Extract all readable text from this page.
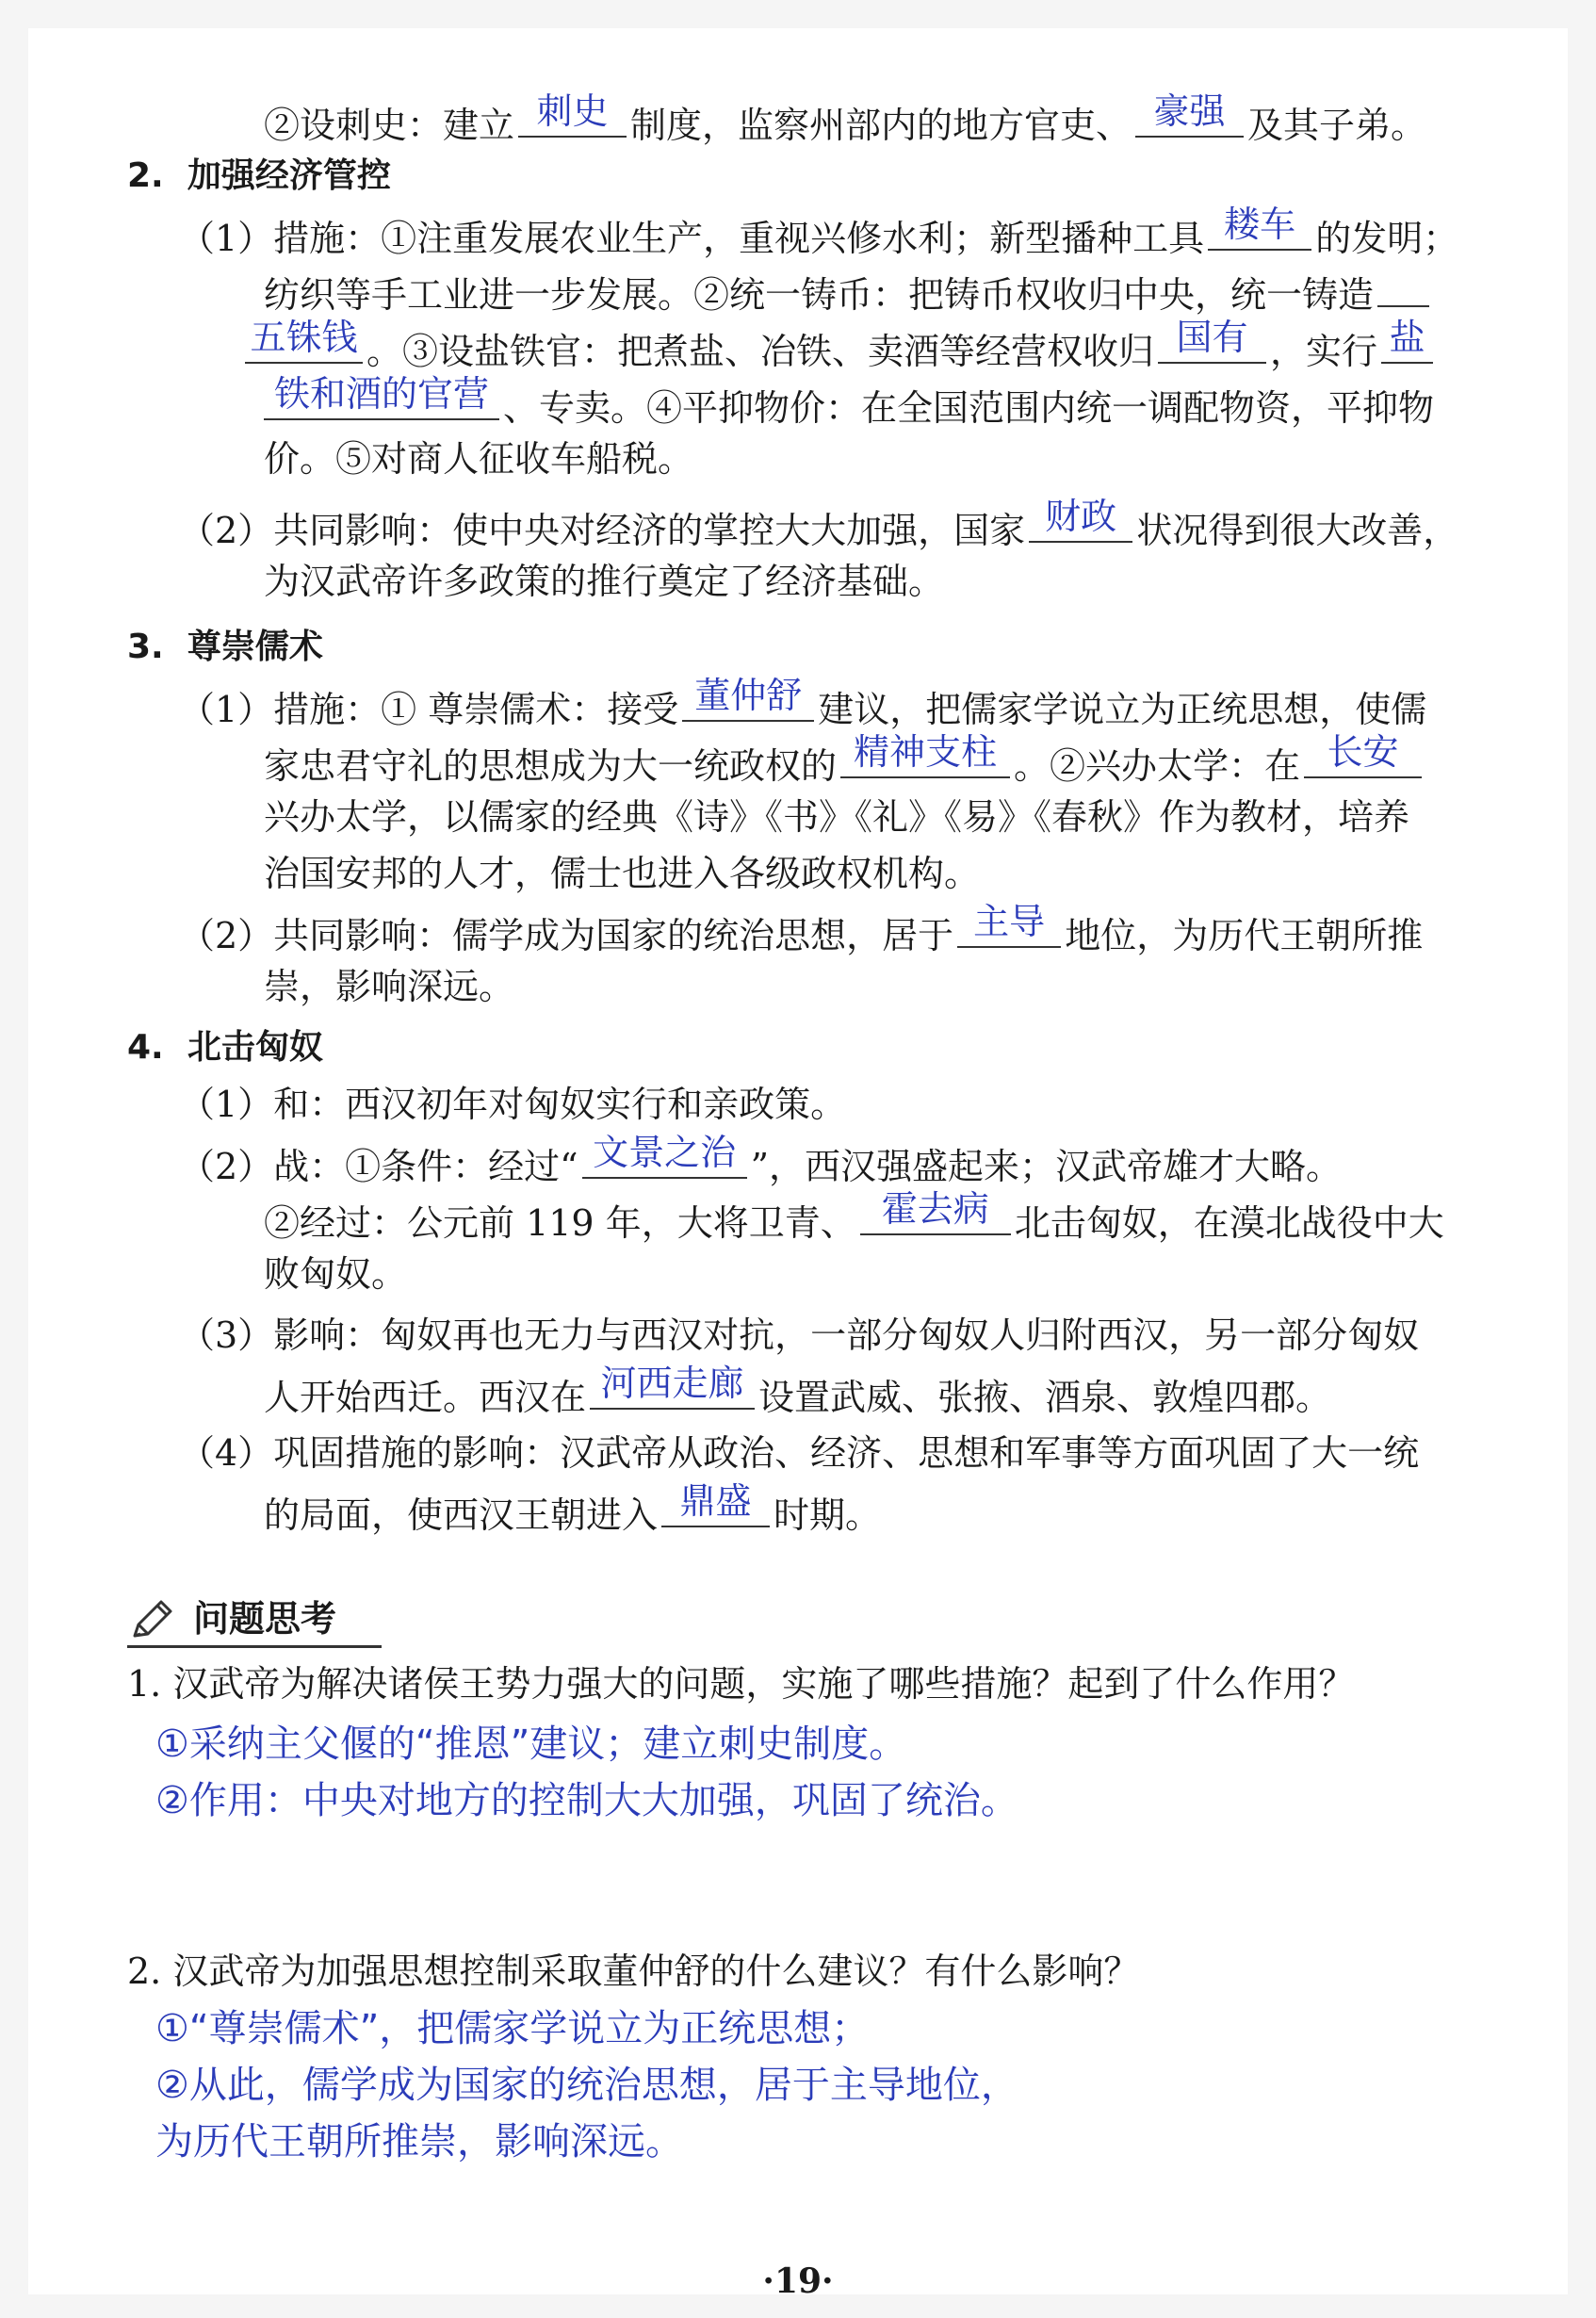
②设刺史：建立 刺史 制度，监察州部内的地方官吏、 豪强 及其子弟。
2. 加强经济管控
（1）措施：①注重发展农业生产，重视兴修水利；新型播种工具 耧车 的发明；
纺织等手工业进一步发展。②统一铸币：把铸币权收归中央，统一铸造
五铢钱 。③设盐铁官：把煮盐、冶铁、卖酒等经营权收归 国有 ，实行 盐
铁和酒的官营 、专卖。④平抑物价：在全国范围内统一调配物资，平抑物
价。⑤对商人征收车船税。
（2）共同影响：使中央对经济的掌控大大加强，国家 财政 状况得到很大改善，
为汉武帝许多政策的推行奠定了经济基础。
3. 尊崇儒术
（1）措施：① 尊崇儒术：接受 董仲舒 建议，把儒家学说立为正统思想，使儒
家忠君守礼的思想成为大一统政权的 精神支柱 。②兴办太学：在 长安
兴办太学，以儒家的经典《诗》《书》《礼》《易》《春秋》作为教材，培养
治国安邦的人才，儒士也进入各级政权机构。
（2）共同影响：儒学成为国家的统治思想，居于 主导 地位，为历代王朝所推
崇，影响深远。
4. 北击匈奴
（1）和：西汉初年对匈奴实行和亲政策。
（2）战：①条件：经过“ 文景之治 ”，西汉强盛起来；汉武帝雄才大略。
②经过：公元前 119 年，大将卫青、 霍去病 北击匈奴，在漠北战役中大
败匈奴。
（3）影响：匈奴再也无力与西汉对抗，一部分匈奴人归附西汉，另一部分匈奴
人开始西迁。西汉在 河西走廊 设置武威、张掖、酒泉、敦煌四郡。
（4）巩固措施的影响：汉武帝从政治、经济、思想和军事等方面巩固了大一统
的局面，使西汉王朝进入 鼎盛 时期。
问题思考
1. 汉武帝为解决诸侯王势力强大的问题，实施了哪些措施？起到了什么作用？
①采纳主父偃的“推恩”建议；建立刺史制度。
②作用：中央对地方的控制大大加强，巩固了统治。
2. 汉武帝为加强思想控制采取董仲舒的什么建议？有什么影响？
①“尊崇儒术”，把儒家学说立为正统思想；
②从此，儒学成为国家的统治思想，居于主导地位，
为历代王朝所推崇，影响深远。
·19·
